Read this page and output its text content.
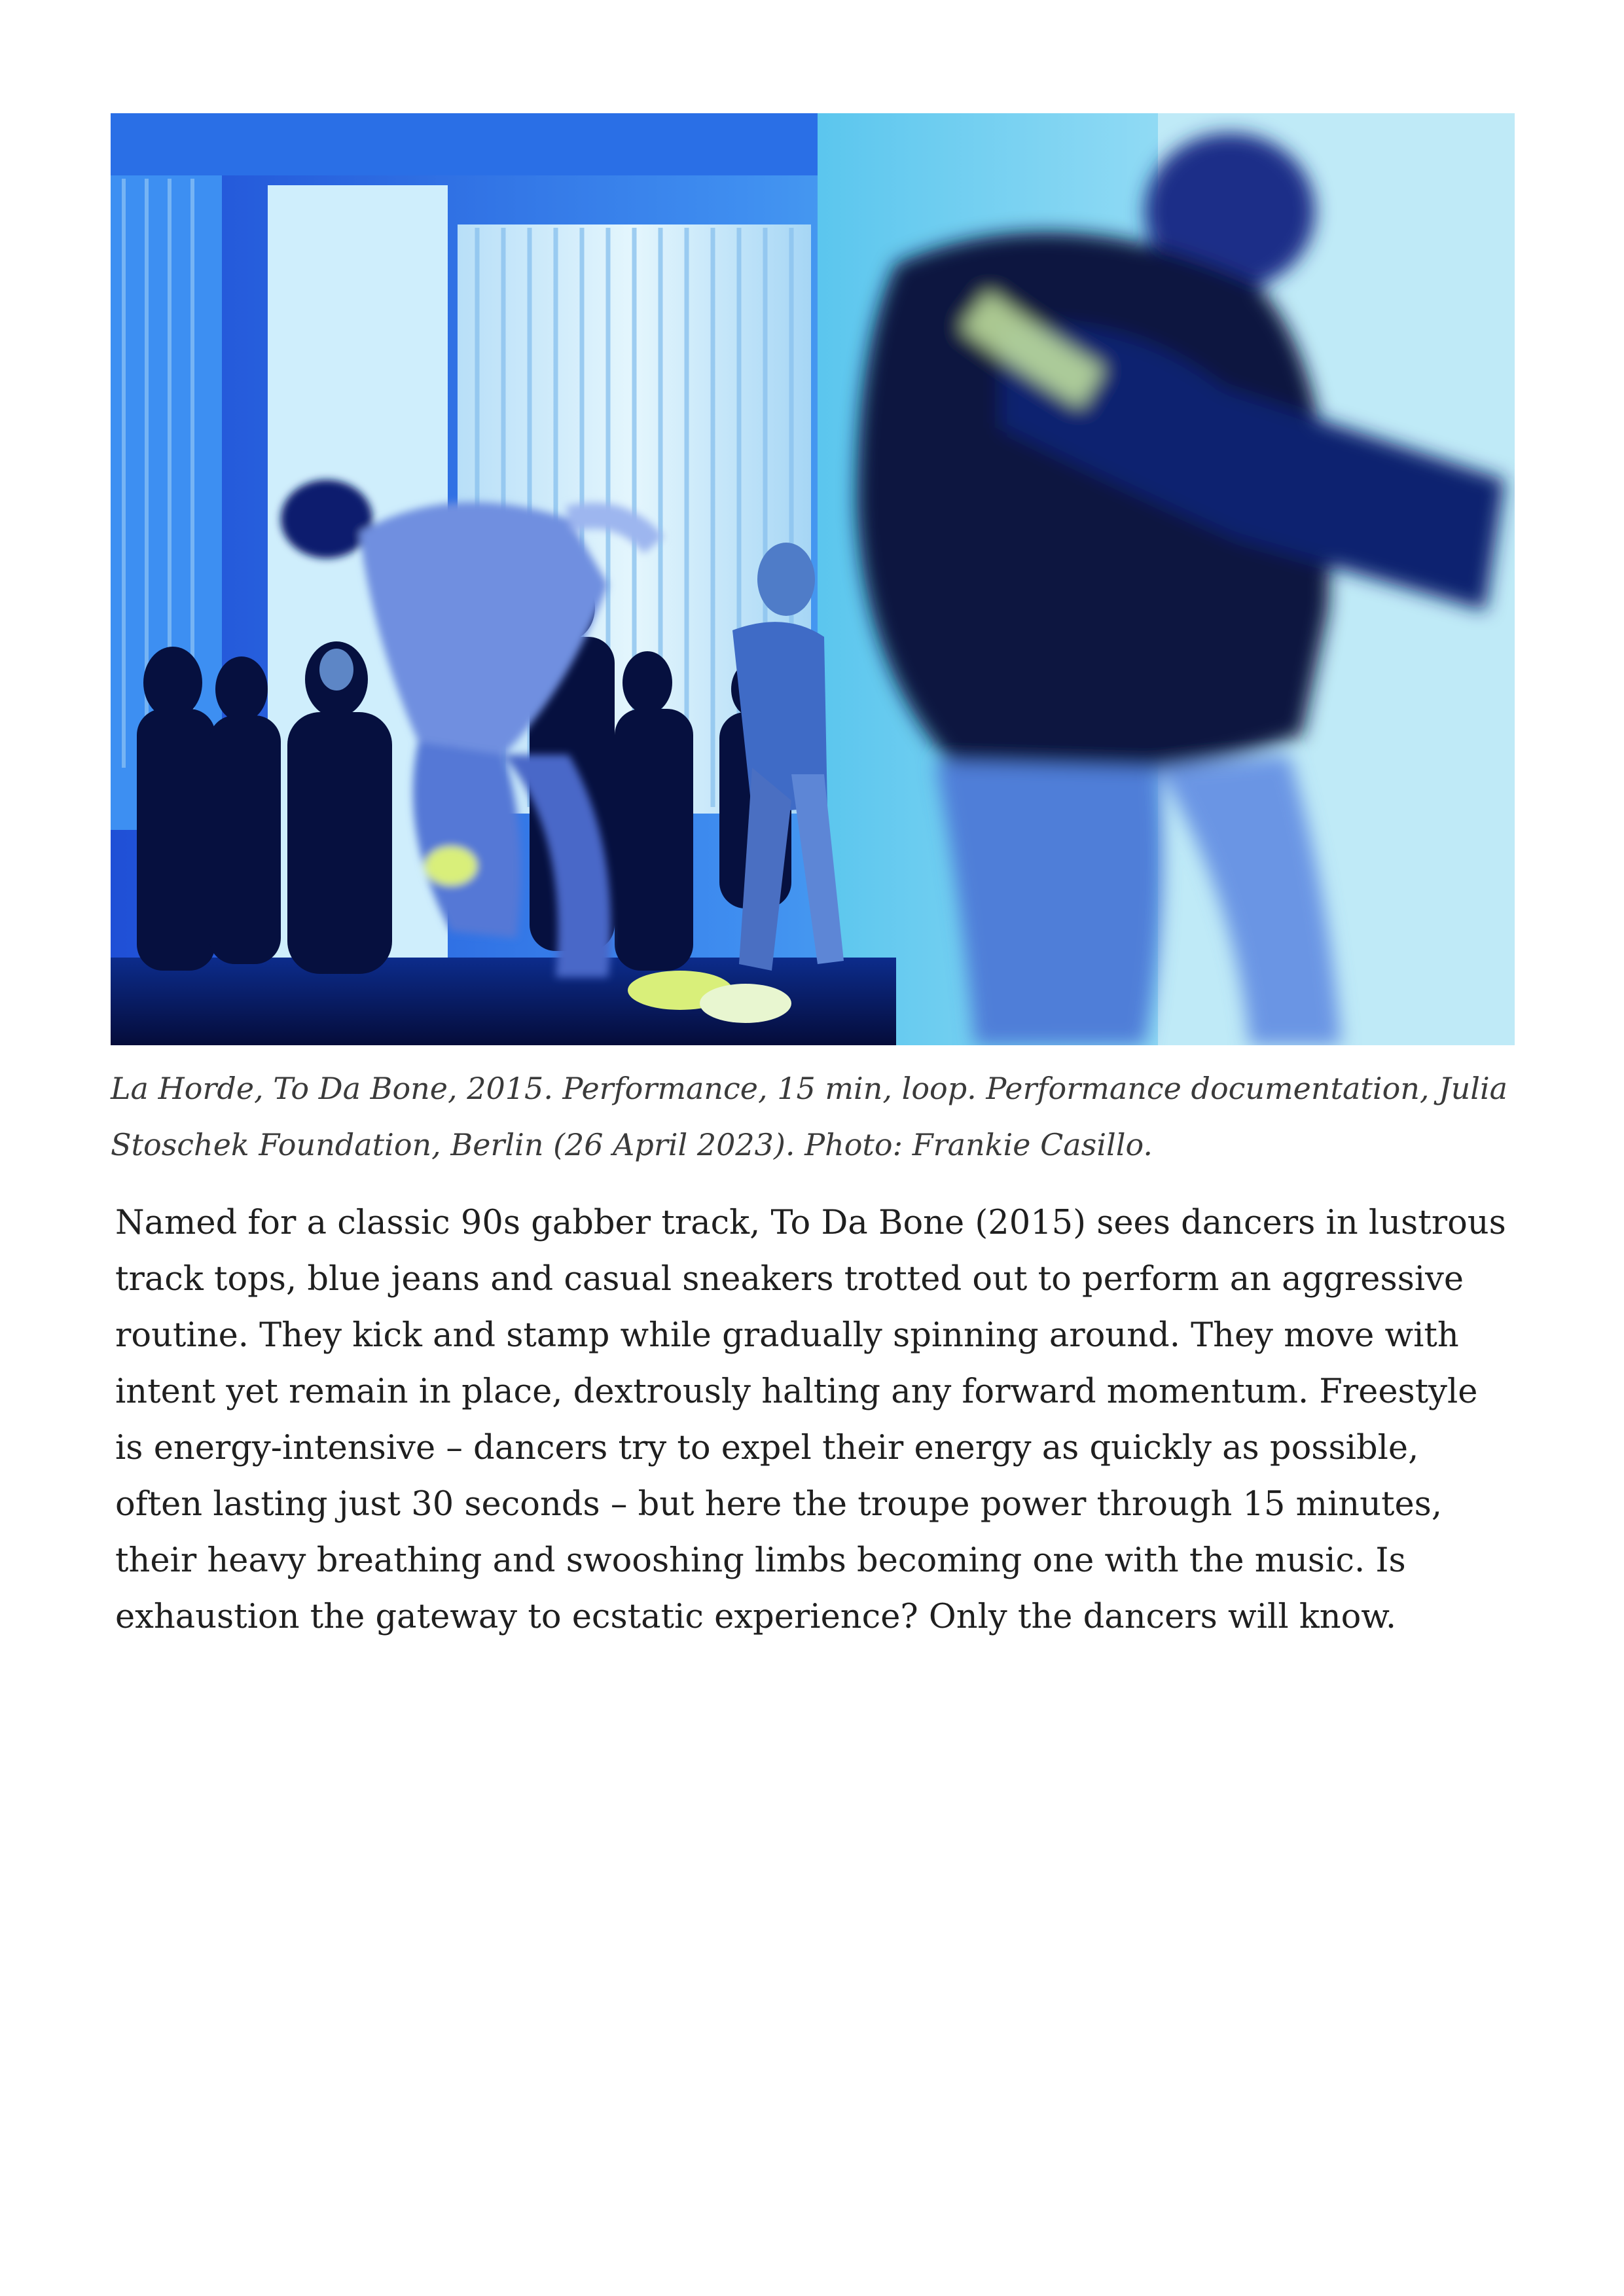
La Horde, To Da Bone, 2015. Performance, 15 min, loop. Performance documentation, Julia Stoschek Foundation, Berlin (26 April 2023). Photo: Frankie Casillo.

Named for a classic 90s gabber track, To Da Bone (2015) sees dancers in lustrous track tops, blue jeans and casual sneakers trotted out to perform an aggressive routine. They kick and stamp while gradually spinning around. They move with intent yet remain in place, dextrously halting any forward momentum. Freestyle is energy-intensive – dancers try to expel their energy as quickly as possible, often lasting just 30 seconds – but here the troupe power through 15 minutes, their heavy breathing and swooshing limbs becoming one with the music. Is exhaustion the gateway to ecstatic experience? Only the dancers will know.
